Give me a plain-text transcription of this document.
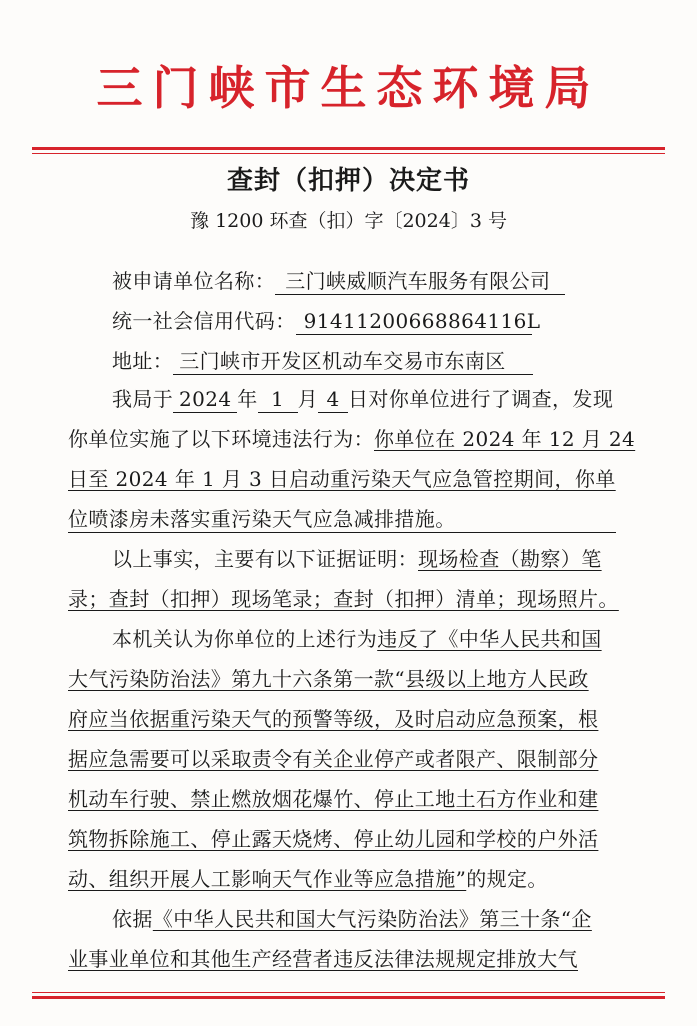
三门峡市生态环境局
查封（扣押）决定书
豫 1200 环查（扣）字〔2024〕3 号
被申请单位名称： 三门峡威顺汽车服务有限公司
统一社会信用代码： 91411200668864116L
地址： 三门峡市开发区机动车交易市东南区
我局于 2024 年 1 月 4 日对你单位进行了调查，发现
你单位实施了以下环境违法行为：你单位在 2024 年 12 月 24
日至 2024 年 1 月 3 日启动重污染天气应急管控期间，你单
位喷漆房未落实重污染天气应急减排措施。
以上事实，主要有以下证据证明：现场检查（勘察）笔
录；查封（扣押）现场笔录；查封（扣押）清单；现场照片。
本机关认为你单位的上述行为违反了《中华人民共和国
大气污染防治法》第九十六条第一款“县级以上地方人民政
府应当依据重污染天气的预警等级，及时启动应急预案，根
据应急需要可以采取责令有关企业停产或者限产、限制部分
机动车行驶、禁止燃放烟花爆竹、停止工地土石方作业和建
筑物拆除施工、停止露天烧烤、停止幼儿园和学校的户外活
动、组织开展人工影响天气作业等应急措施”的规定。
依据《中华人民共和国大气污染防治法》第三十条“企
业事业单位和其他生产经营者违反法律法规规定排放大气
